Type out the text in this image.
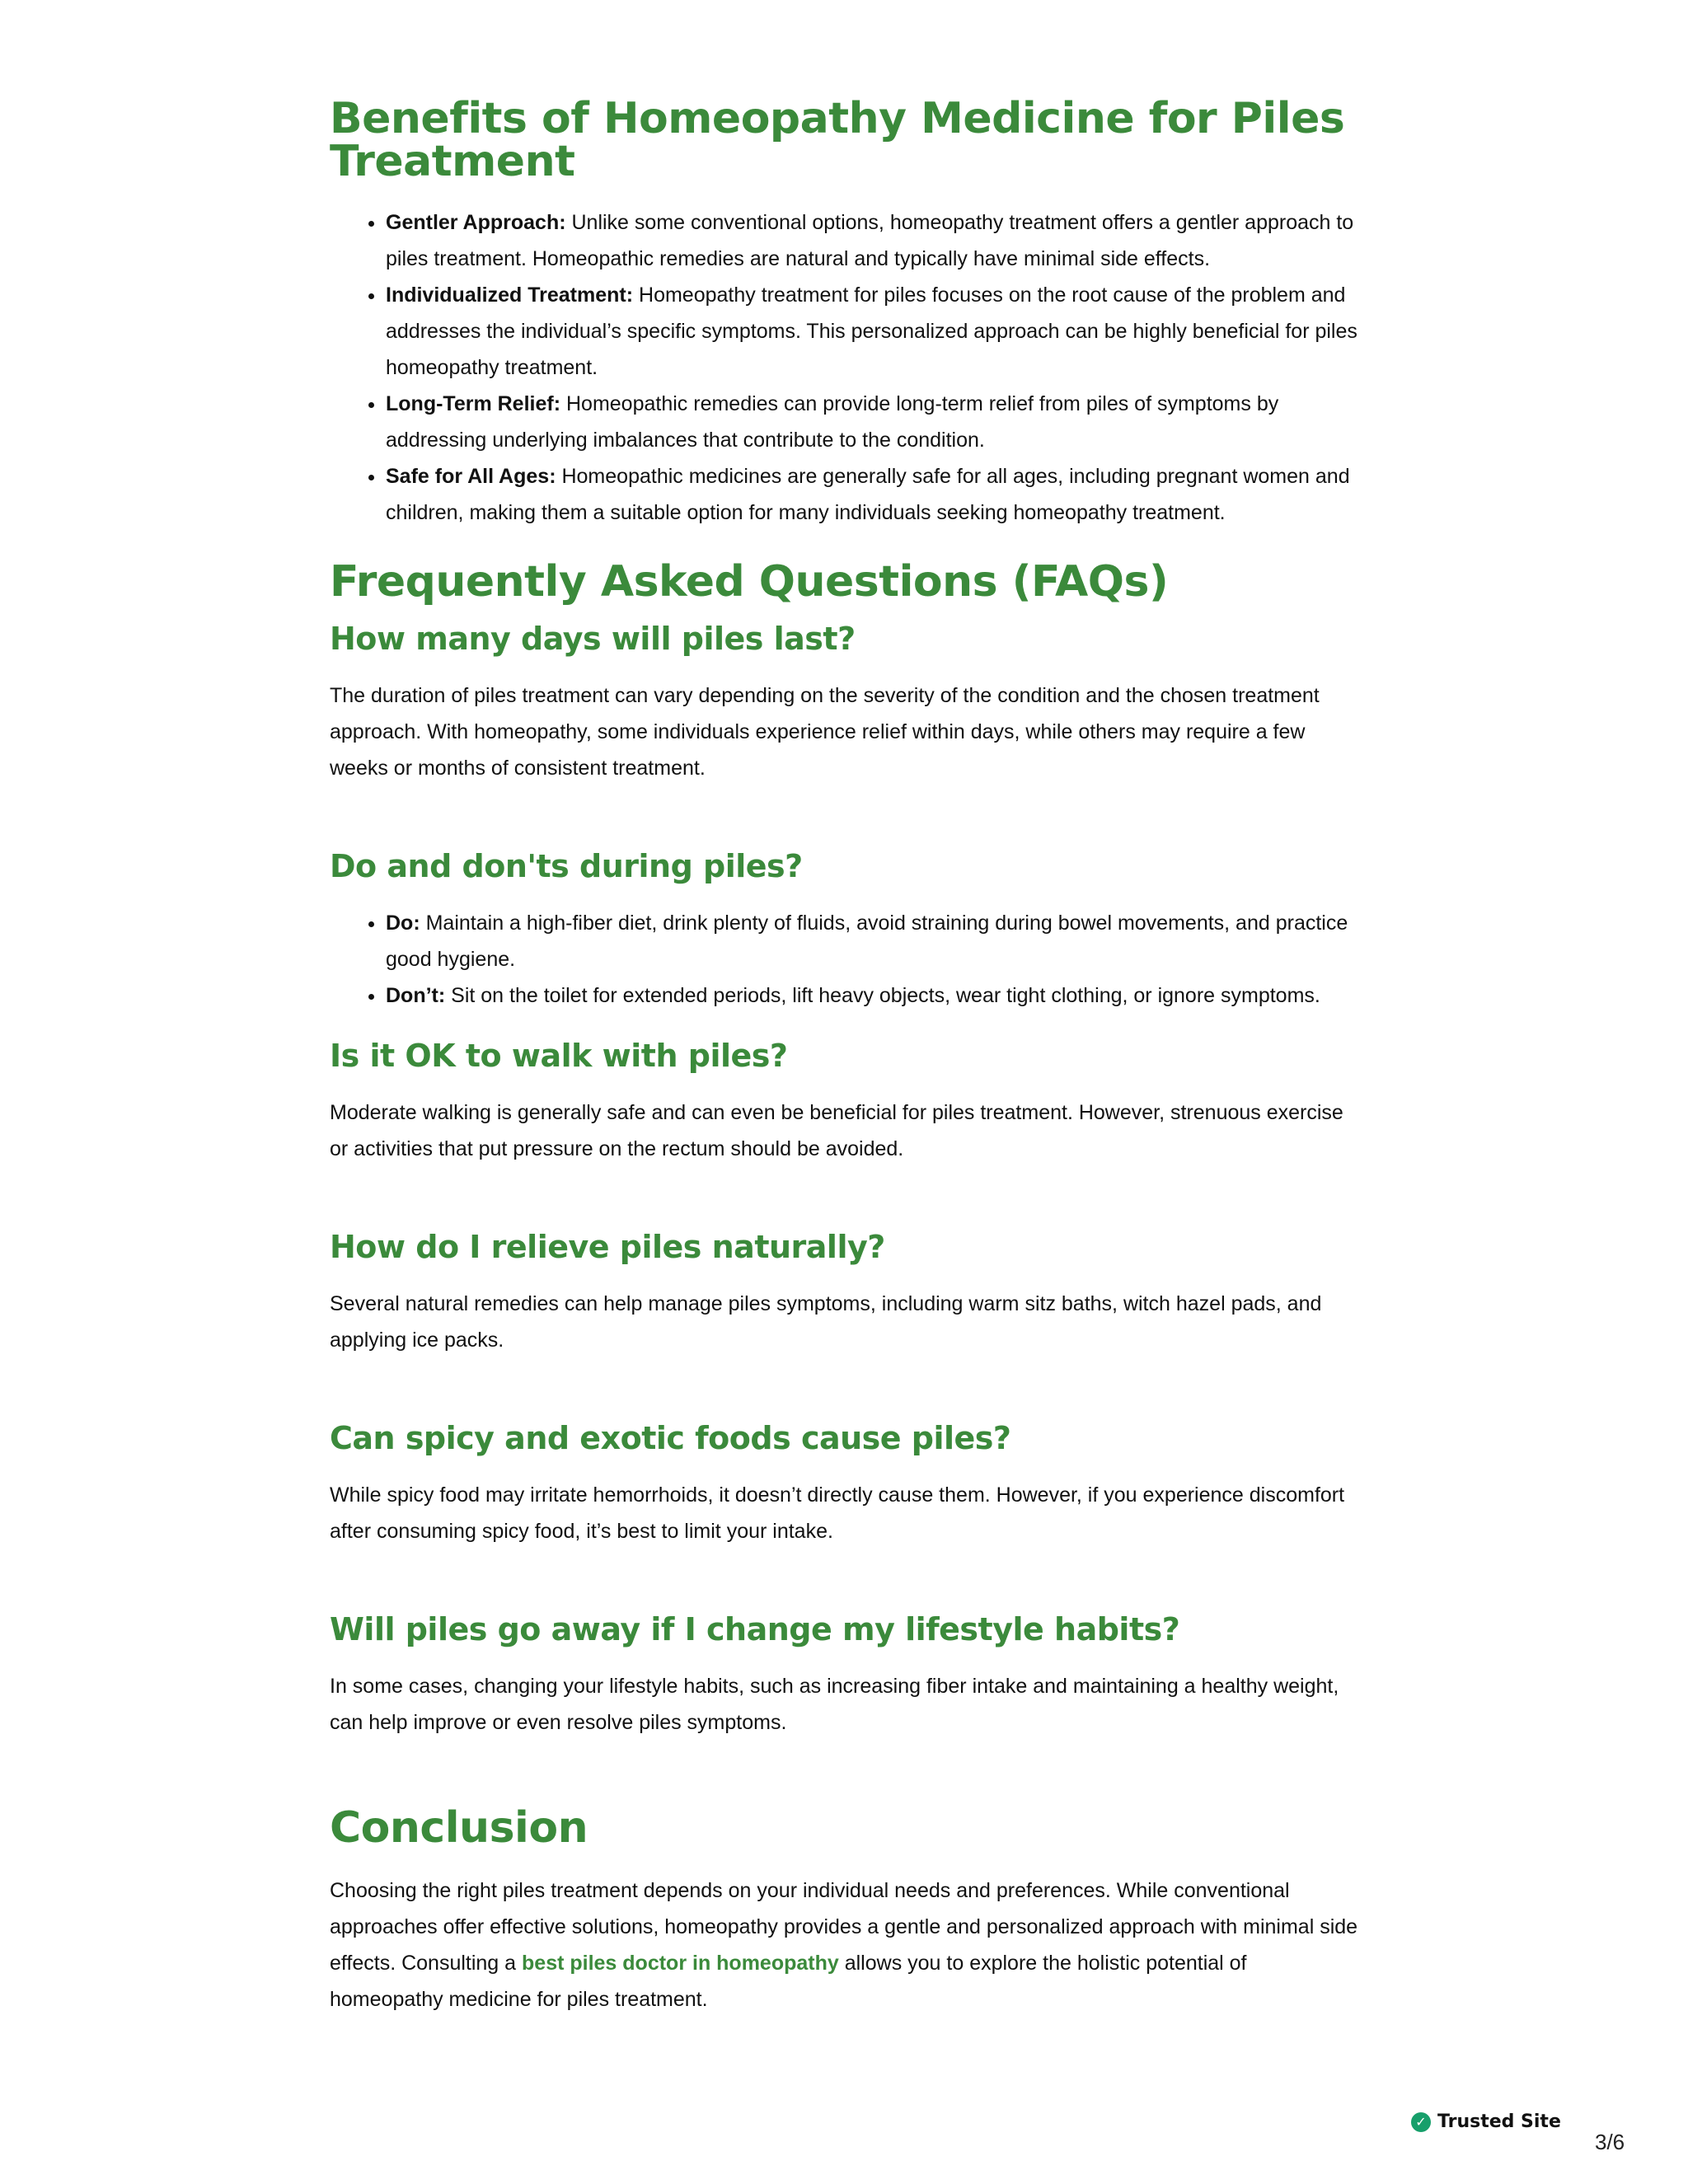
Benefits of Homeopathy Medicine for Piles Treatment
• Gentler Approach: Unlike some conventional options, homeopathy treatment offers a gentler approach to piles treatment. Homeopathic remedies are natural and typically have minimal side effects.
• Individualized Treatment: Homeopathy treatment for piles focuses on the root cause of the problem and addresses the individual’s specific symptoms. This personalized approach can be highly beneficial for piles homeopathy treatment.
• Long-Term Relief: Homeopathic remedies can provide long-term relief from piles of symptoms by addressing underlying imbalances that contribute to the condition.
• Safe for All Ages: Homeopathic medicines are generally safe for all ages, including pregnant women and children, making them a suitable option for many individuals seeking homeopathy treatment.
Frequently Asked Questions (FAQs)
How many days will piles last?

The duration of piles treatment can vary depending on the severity of the condition and the chosen treatment approach. With homeopathy, some individuals experience relief within days, while others may require a few weeks or months of consistent treatment.

Do and don'ts during piles?
• Do: Maintain a high-fiber diet, drink plenty of fluids, avoid straining during bowel movements, and practice good hygiene.
• Don’t: Sit on the toilet for extended periods, lift heavy objects, wear tight clothing, or ignore symptoms.
Is it OK to walk with piles?

Moderate walking is generally safe and can even be beneficial for piles treatment. However, strenuous exercise or activities that put pressure on the rectum should be avoided.

How do I relieve piles naturally?

Several natural remedies can help manage piles symptoms, including warm sitz baths, witch hazel pads, and applying ice packs.

Can spicy and exotic foods cause piles?

While spicy food may irritate hemorrhoids, it doesn’t directly cause them. However, if you experience discomfort after consuming spicy food, it’s best to limit your intake.

Will piles go away if I change my lifestyle habits?

In some cases, changing your lifestyle habits, such as increasing fiber intake and maintaining a healthy weight, can help improve or even resolve piles symptoms.

Conclusion

Choosing the right piles treatment depends on your individual needs and preferences. While conventional approaches offer effective solutions, homeopathy provides a gentle and personalized approach with minimal side effects. Consulting a best piles doctor in homeopathy allows you to explore the holistic potential of homeopathy medicine for piles treatment.

✓ Trusted Site
3/6
